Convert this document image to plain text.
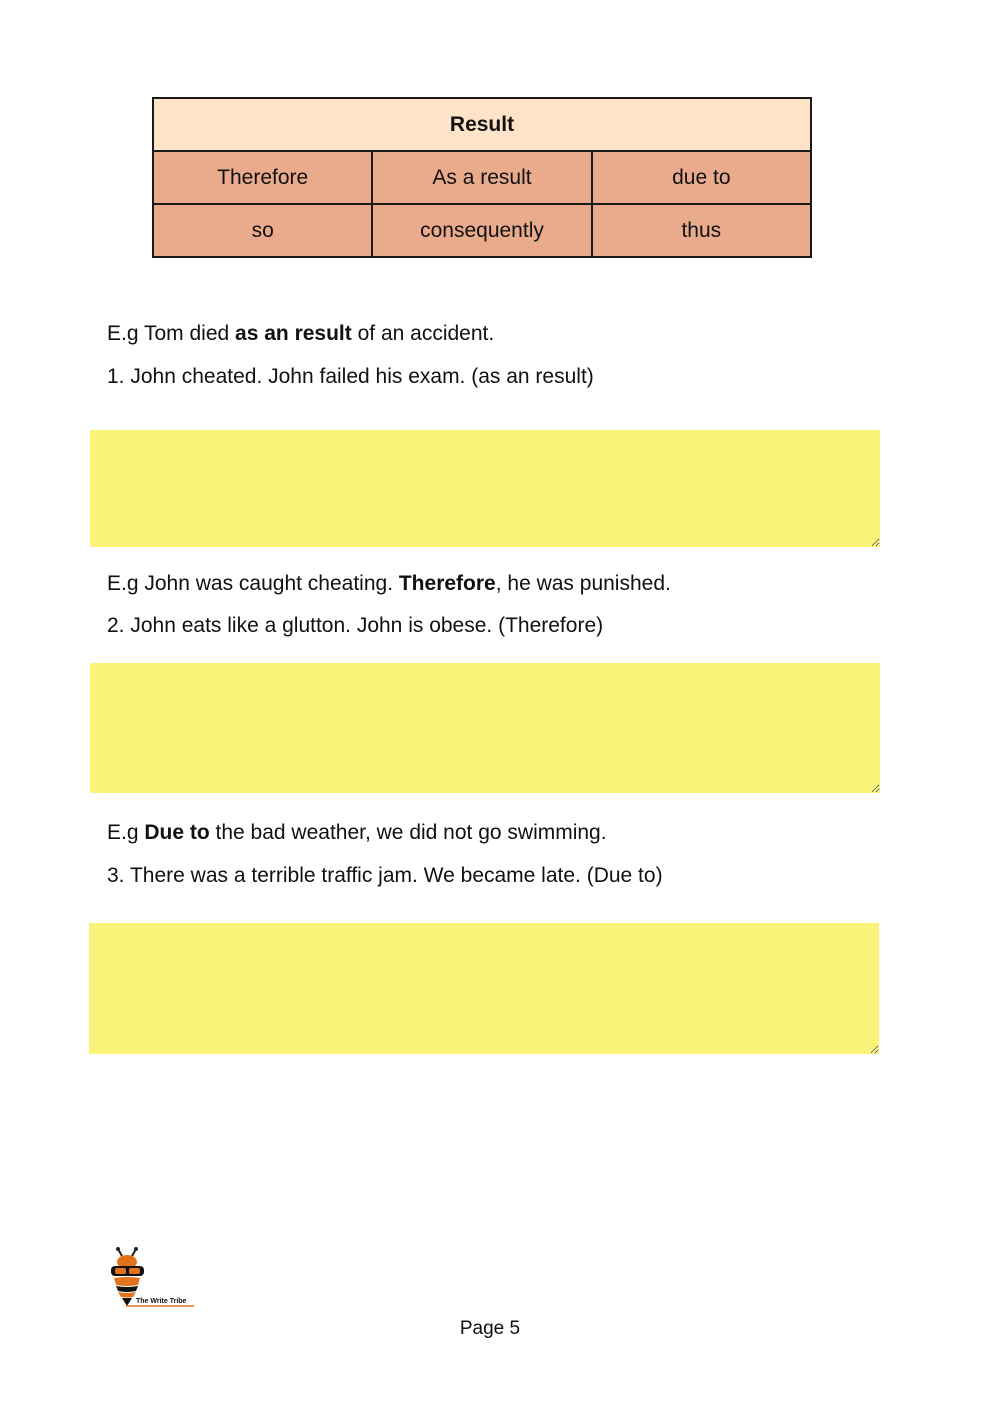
Result		
Therefore	As a result	due to
so	consequently	thus
E.g Tom died as an result of an accident.
1. John cheated. John failed his exam. (as an result)
E.g John was caught cheating. Therefore, he was punished.
2. John eats like a glutton. John is obese. (Therefore)
E.g Due to the bad weather, we did not go swimming.
3. There was a terrible traffic jam. We became late. (Due to)
The Write Tribe
Page 5
